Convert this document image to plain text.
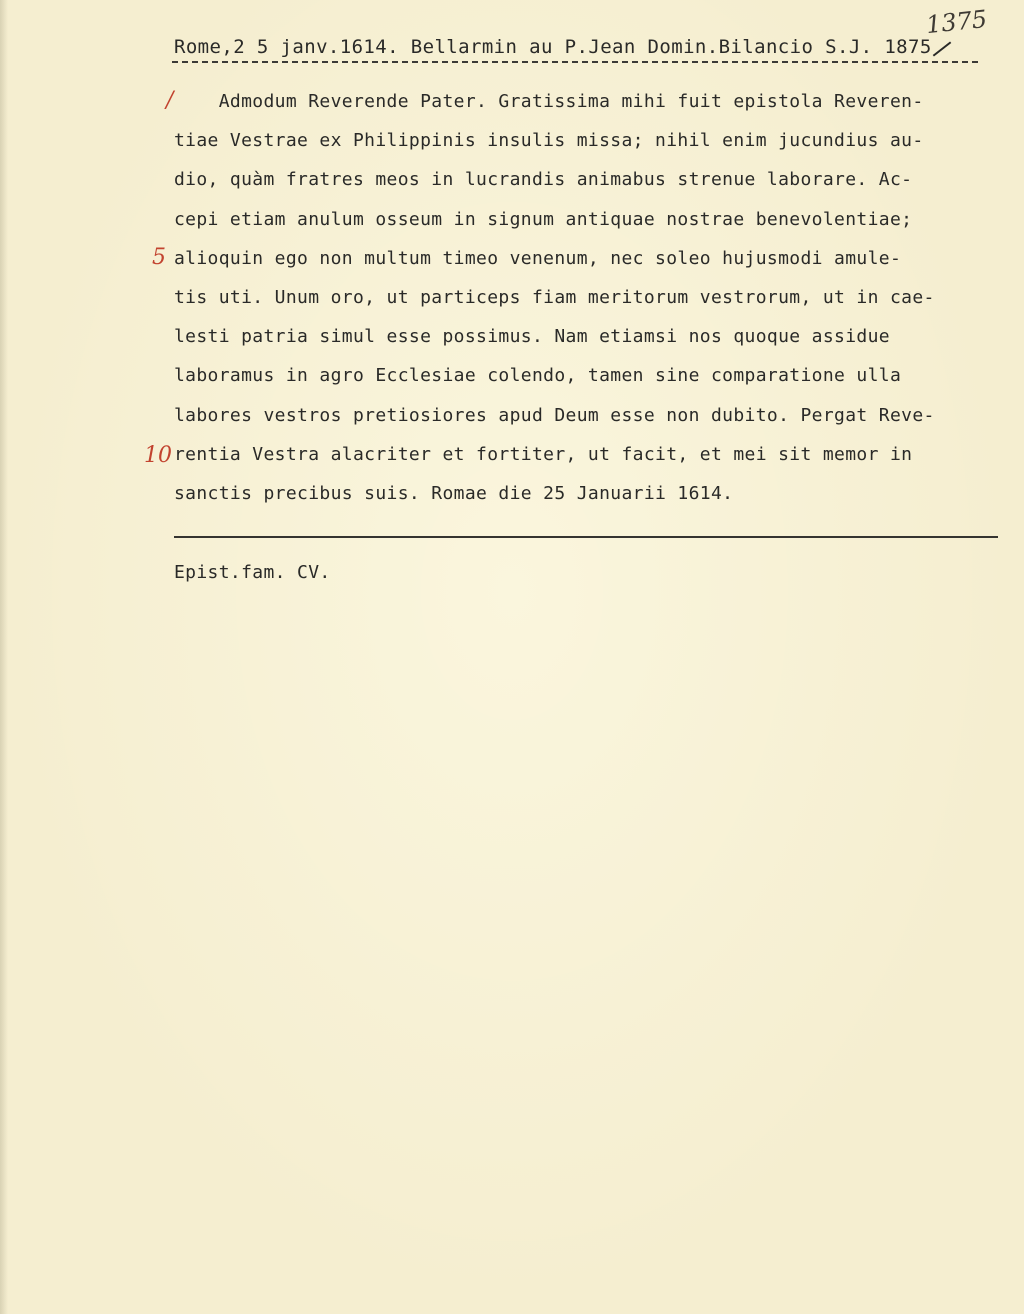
Rome,2 5 janv.1614. Bellarmin au P.Jean Domin.Bilancio S.J. 1875
1375
/
5
10
Admodum Reverende Pater. Gratissima mihi fuit epistola Reveren-
tiae Vestrae ex Philippinis insulis missa; nihil enim jucundius au-
dio, quàm fratres meos in lucrandis animabus strenue laborare. Ac-
cepi etiam anulum osseum in signum antiquae nostrae benevolentiae;
alioquin ego non multum timeo venenum, nec soleo hujusmodi amule-
tis uti. Unum oro, ut particeps fiam meritorum vestrorum, ut in cae-
lesti patria simul esse possimus. Nam etiamsi nos quoque assidue
laboramus in agro Ecclesiae colendo, tamen sine comparatione ulla
labores vestros pretiosiores apud Deum esse non dubito. Pergat Reve-
rentia Vestra alacriter et fortiter, ut facit, et mei sit memor in
sanctis precibus suis. Romae die 25 Januarii 1614.
Epist.fam. CV.
